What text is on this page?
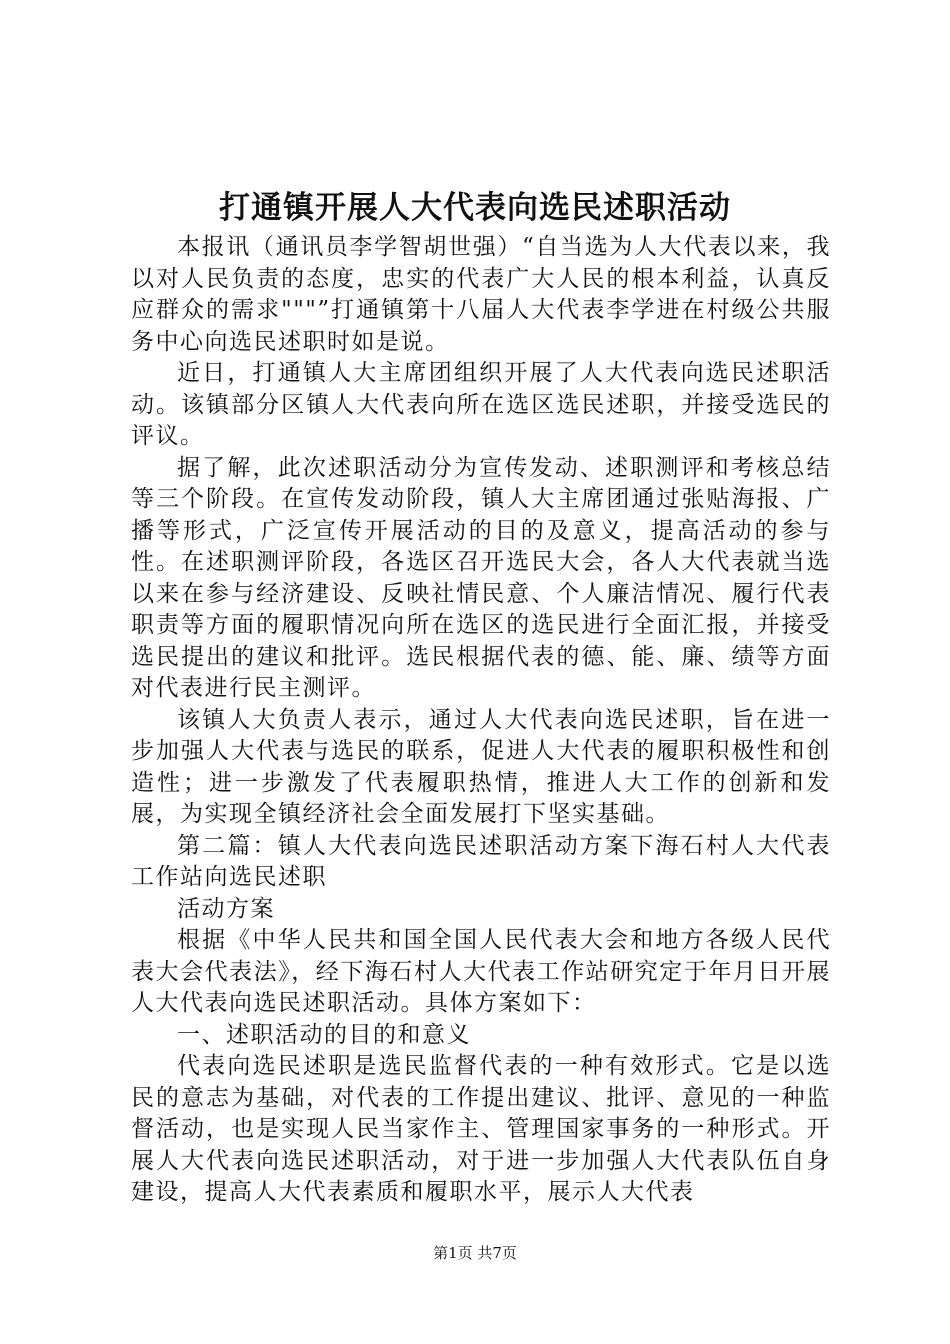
打通镇开展人大代表向选民述职活动

本报讯（通讯员李学智胡世强）“自当选为人大代表以来，我以对人民负责的态度，忠实的代表广大人民的根本利益，认真反应群众的需求"""”打通镇第十八届人大代表李学进在村级公共服务中心向选民述职时如是说。

近日，打通镇人大主席团组织开展了人大代表向选民述职活动。该镇部分区镇人大代表向所在选区选民述职，并接受选民的评议。

据了解，此次述职活动分为宣传发动、述职测评和考核总结等三个阶段。在宣传发动阶段，镇人大主席团通过张贴海报、广播等形式，广泛宣传开展活动的目的及意义，提高活动的参与性。在述职测评阶段，各选区召开选民大会，各人大代表就当选以来在参与经济建设、反映社情民意、个人廉洁情况、履行代表职责等方面的履职情况向所在选区的选民进行全面汇报，并接受选民提出的建议和批评。选民根据代表的德、能、廉、绩等方面对代表进行民主测评。

该镇人大负责人表示，通过人大代表向选民述职，旨在进一步加强人大代表与选民的联系，促进人大代表的履职积极性和创造性；进一步激发了代表履职热情，推进人大工作的创新和发展，为实现全镇经济社会全面发展打下坚实基础。

第二篇：镇人大代表向选民述职活动方案下海石村人大代表工作站向选民述职

活动方案

根据《中华人民共和国全国人民代表大会和地方各级人民代表大会代表法》，经下海石村人大代表工作站研究定于年月日开展人大代表向选民述职活动。具体方案如下：

一、述职活动的目的和意义

代表向选民述职是选民监督代表的一种有效形式。它是以选民的意志为基础，对代表的工作提出建议、批评、意见的一种监督活动，也是实现人民当家作主、管理国家事务的一种形式。开展人大代表向选民述职活动，对于进一步加强人大代表队伍自身建设，提高人大代表素质和履职水平，展示人大代表

第1页 共7页
